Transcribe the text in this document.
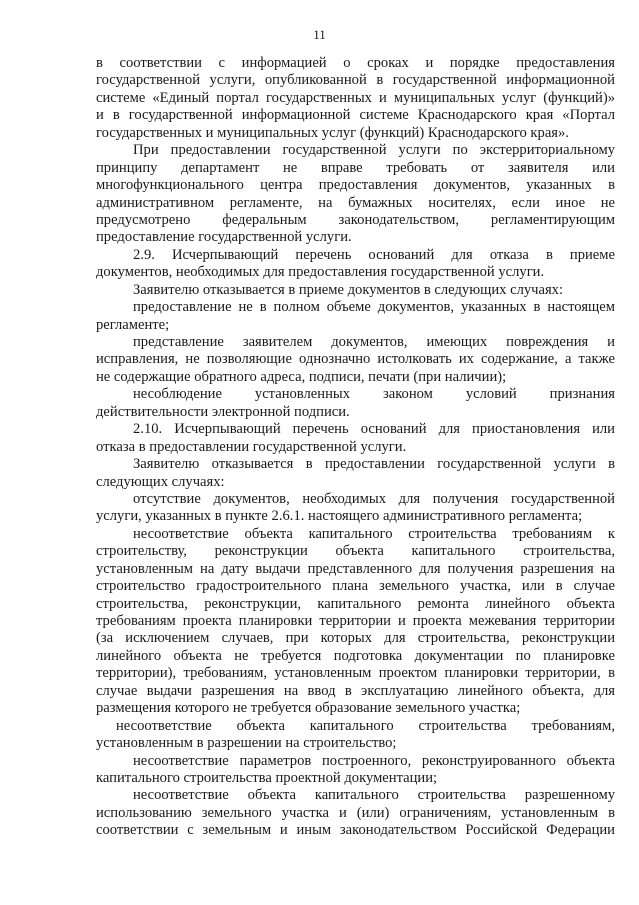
11
в соответствии с информацией о сроках и порядке предоставления
государственной услуги, опубликованной в государственной информационной
системе «Единый портал государственных и муниципальных услуг (функций)»
и в государственной информационной системе Краснодарского края «Портал
государственных и муниципальных услуг (функций) Краснодарского края».
При предоставлении государственной услуги по экстерриториальному
принципу департамент не вправе требовать от заявителя или
многофункционального центра предоставления документов, указанных в
административном регламенте, на бумажных носителях, если иное не
предусмотрено федеральным законодательством, регламентирующим
предоставление государственной услуги.
2.9. Исчерпывающий перечень оснований для отказа в приеме
документов, необходимых для предоставления государственной услуги.
Заявителю отказывается в приеме документов в следующих случаях:
предоставление не в полном объеме документов, указанных в настоящем
регламенте;
представление заявителем документов, имеющих повреждения и
исправления, не позволяющие однозначно истолковать их содержание, а также
не содержащие обратного адреса, подписи, печати (при наличии);
несоблюдение установленных законом условий признания
действительности электронной подписи.
2.10. Исчерпывающий перечень оснований для приостановления или
отказа в предоставлении государственной услуги.
Заявителю отказывается в предоставлении государственной услуги в
следующих случаях:
отсутствие документов, необходимых для получения государственной
услуги, указанных в пункте 2.6.1. настоящего административного регламента;
несоответствие объекта капитального строительства требованиям к
строительству, реконструкции объекта капитального строительства,
установленным на дату выдачи представленного для получения разрешения на
строительство градостроительного плана земельного участка, или в случае
строительства, реконструкции, капитального ремонта линейного объекта
требованиям проекта планировки территории и проекта межевания территории
(за исключением случаев, при которых для строительства, реконструкции
линейного объекта не требуется подготовка документации по планировке
территории), требованиям, установленным проектом планировки территории, в
случае выдачи разрешения на ввод в эксплуатацию линейного объекта, для
размещения которого не требуется образование земельного участка;
несоответствие объекта капитального строительства требованиям,
установленным в разрешении на строительство;
несоответствие параметров построенного, реконструированного объекта
капитального строительства проектной документации;
несоответствие объекта капитального строительства разрешенному
использованию земельного участка и (или) ограничениям, установленным в
соответствии с земельным и иным законодательством Российской Федерации
